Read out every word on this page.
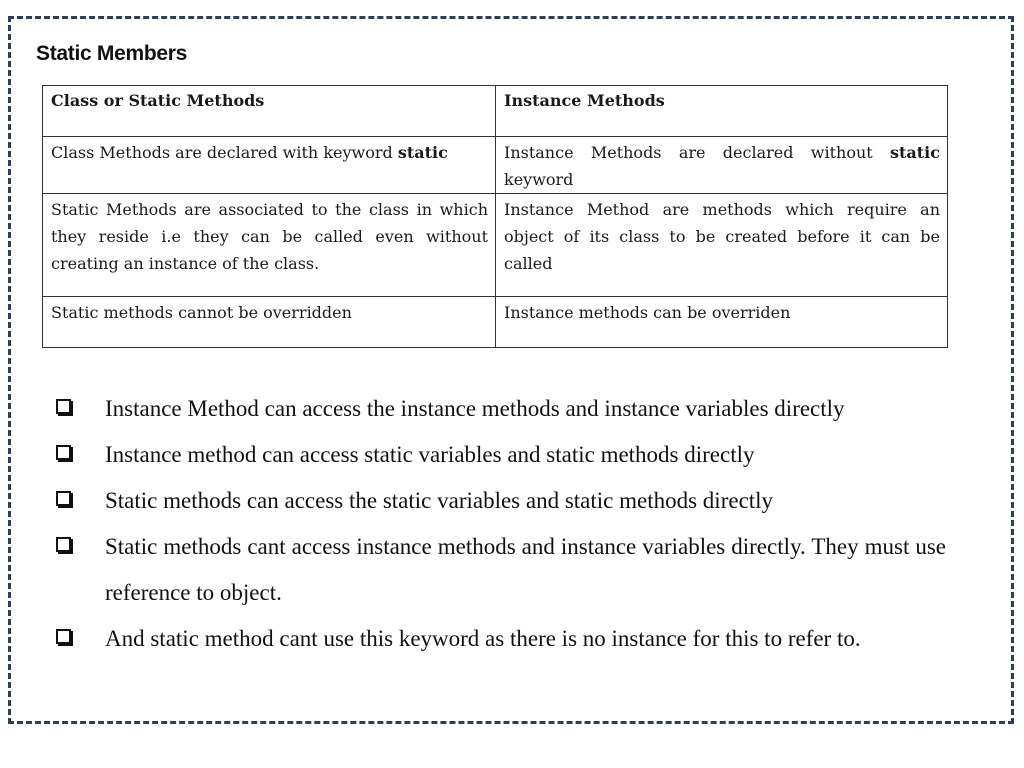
Static Members
Class or Static Methods	Instance Methods
Class Methods are declared with keyword static	Instance Methods are declared without static keyword
Static Methods are associated to the class in which they reside i.e they can be called even without creating an instance of the class.	Instance Method are methods which require an object of its class to be created before it can be called
Static methods cannot be overridden	Instance methods can be overriden
Instance Method can access the instance methods and instance variables directly
Instance method can access static variables and static methods directly
Static methods can access the static variables and static methods directly
Static methods cant access instance methods and instance variables directly. They must use reference to object.
And static method cant use this keyword as there is no instance for this to refer to.
